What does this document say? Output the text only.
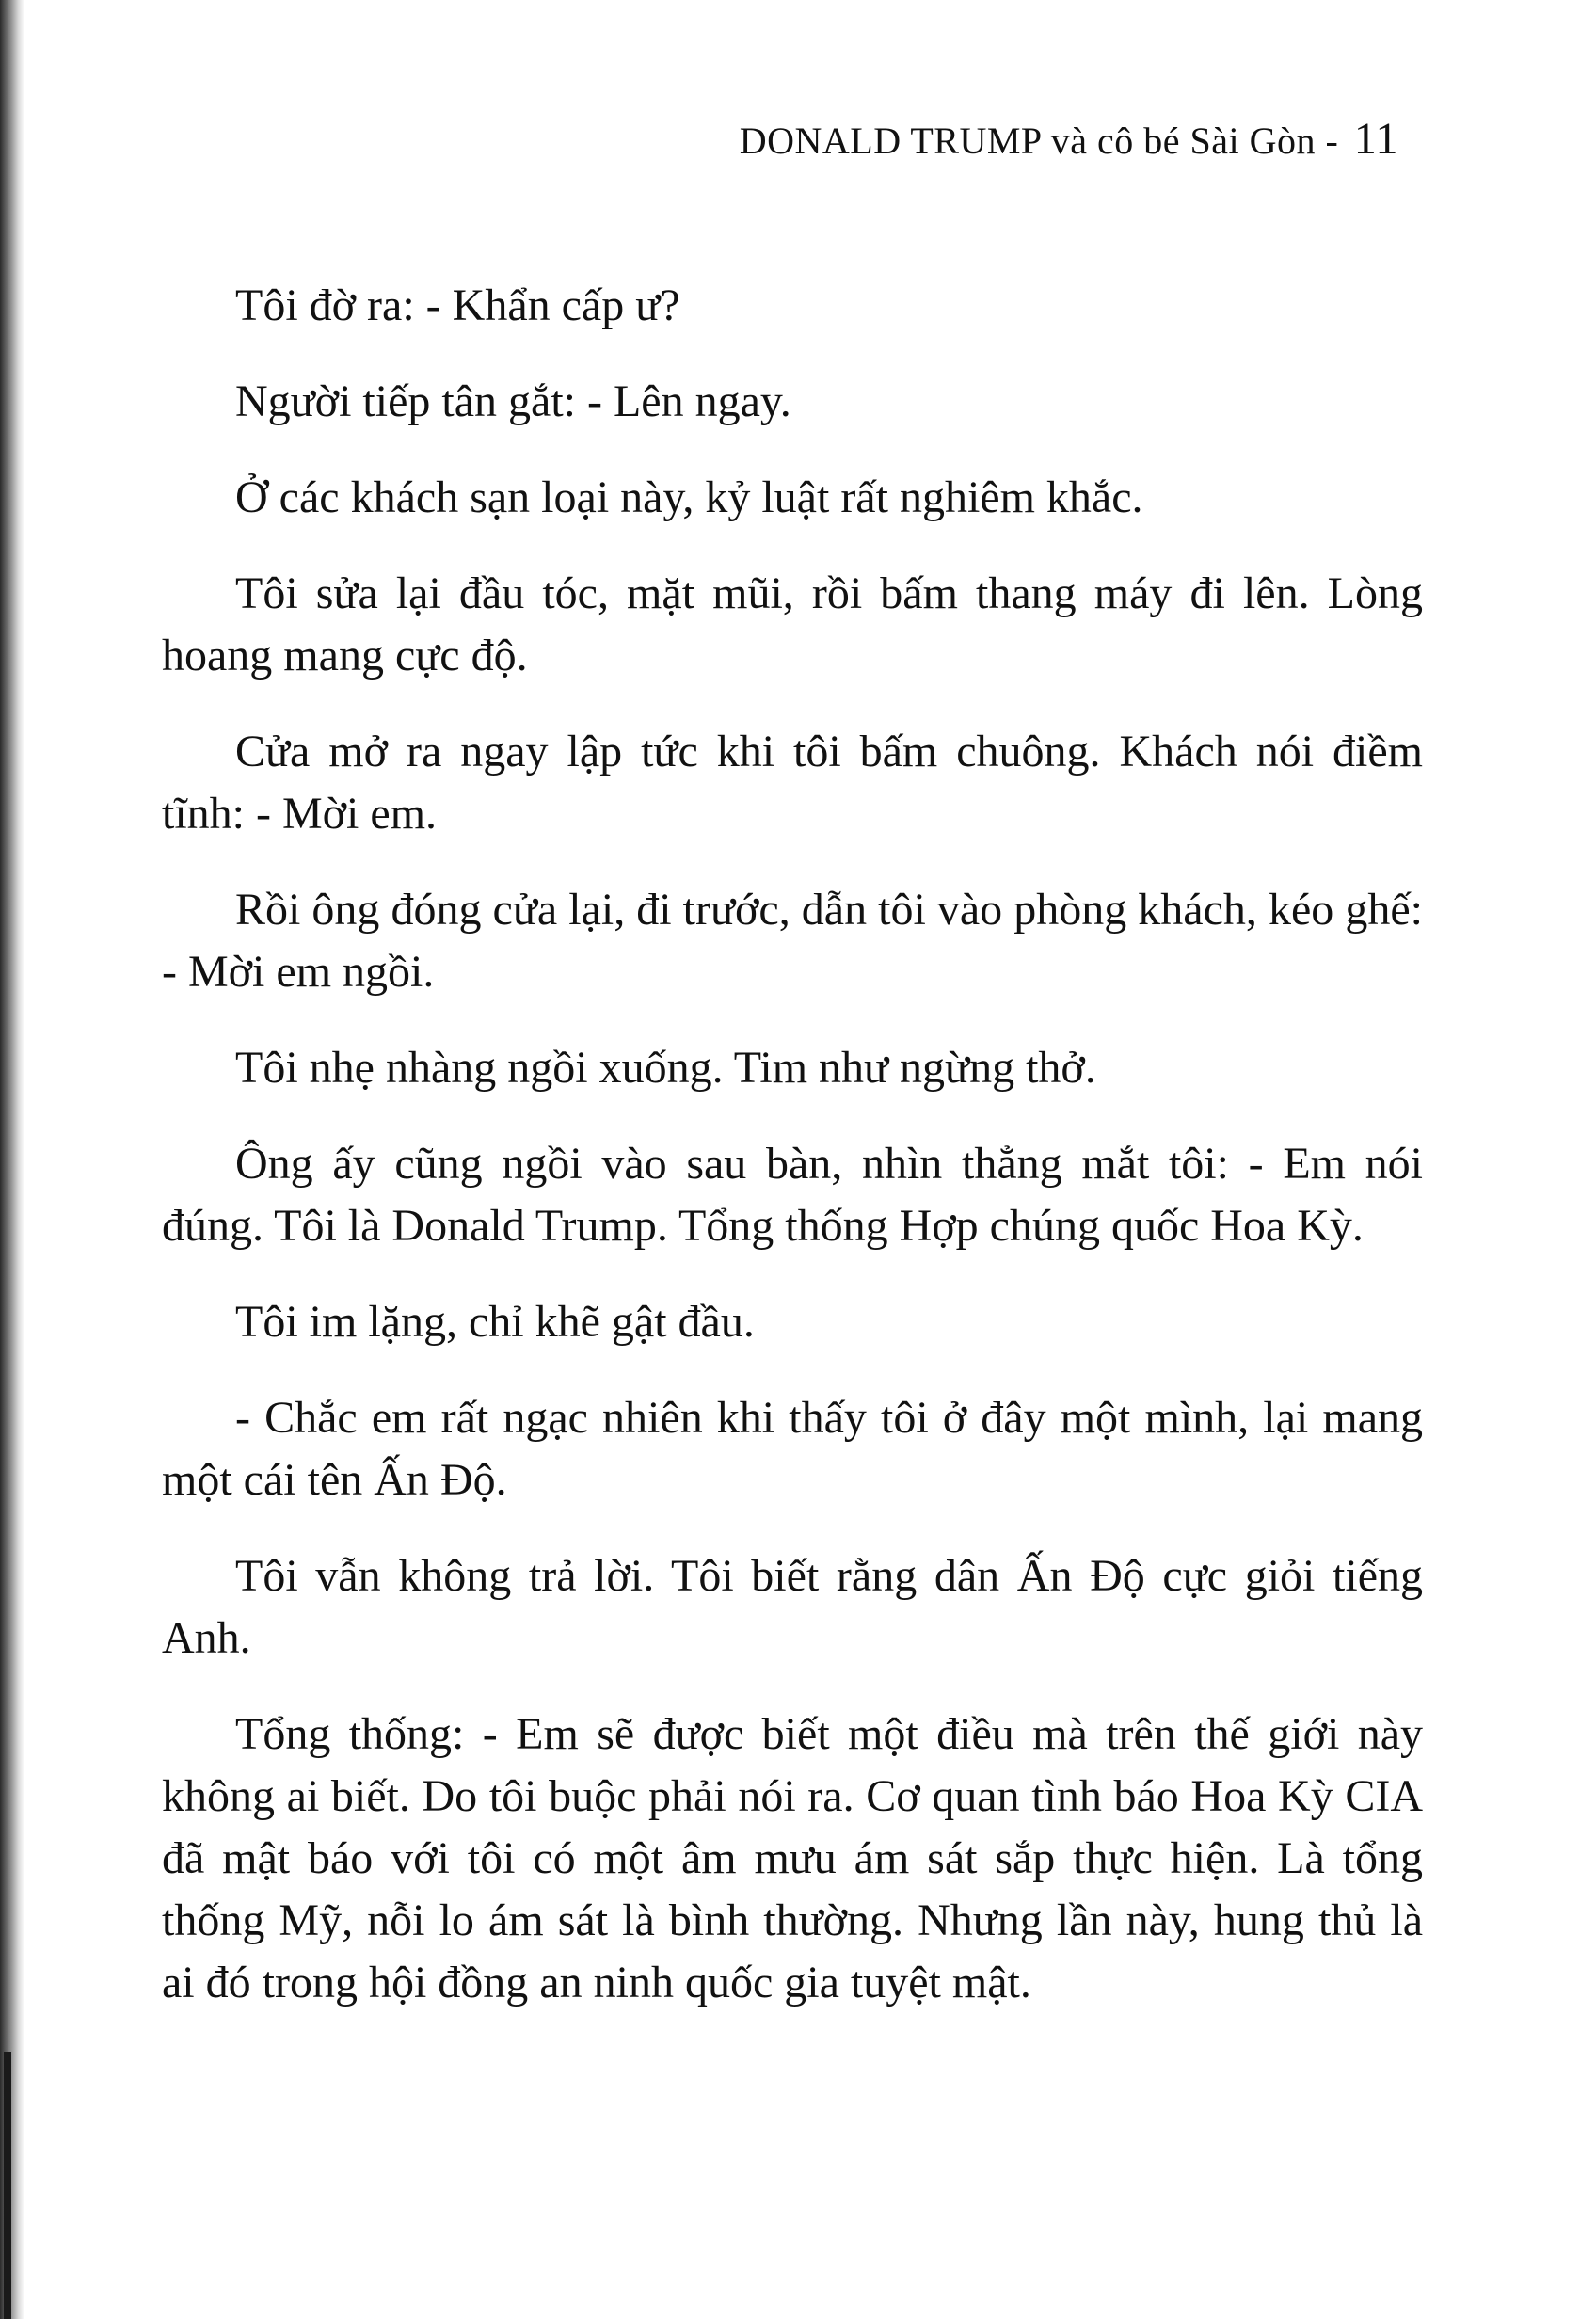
DONALD TRUMP và cô bé Sài Gòn - 11

Tôi đờ ra: - Khẩn cấp ư?

Người tiếp tân gắt: - Lên ngay.

Ở các khách sạn loại này, kỷ luật rất nghiêm khắc.

Tôi sửa lại đầu tóc, mặt mũi, rồi bấm thang máy đi lên. Lòng hoang mang cực độ.

Cửa mở ra ngay lập tức khi tôi bấm chuông. Khách nói điềm tĩnh: - Mời em.

Rồi ông đóng cửa lại, đi trước, dẫn tôi vào phòng khách, kéo ghế: - Mời em ngồi.

Tôi nhẹ nhàng ngồi xuống. Tim như ngừng thở.

Ông ấy cũng ngồi vào sau bàn, nhìn thẳng mắt tôi: - Em nói đúng. Tôi là Donald Trump. Tổng thống Hợp chúng quốc Hoa Kỳ.

Tôi im lặng, chỉ khẽ gật đầu.

- Chắc em rất ngạc nhiên khi thấy tôi ở đây một mình, lại mang một cái tên Ấn Độ.

Tôi vẫn không trả lời. Tôi biết rằng dân Ấn Độ cực giỏi tiếng Anh.

Tổng thống: - Em sẽ được biết một điều mà trên thế giới này không ai biết. Do tôi buộc phải nói ra. Cơ quan tình báo Hoa Kỳ CIA đã mật báo với tôi có một âm mưu ám sát sắp thực hiện. Là tổng thống Mỹ, nỗi lo ám sát là bình thường. Nhưng lần này, hung thủ là ai đó trong hội đồng an ninh quốc gia tuyệt mật.
